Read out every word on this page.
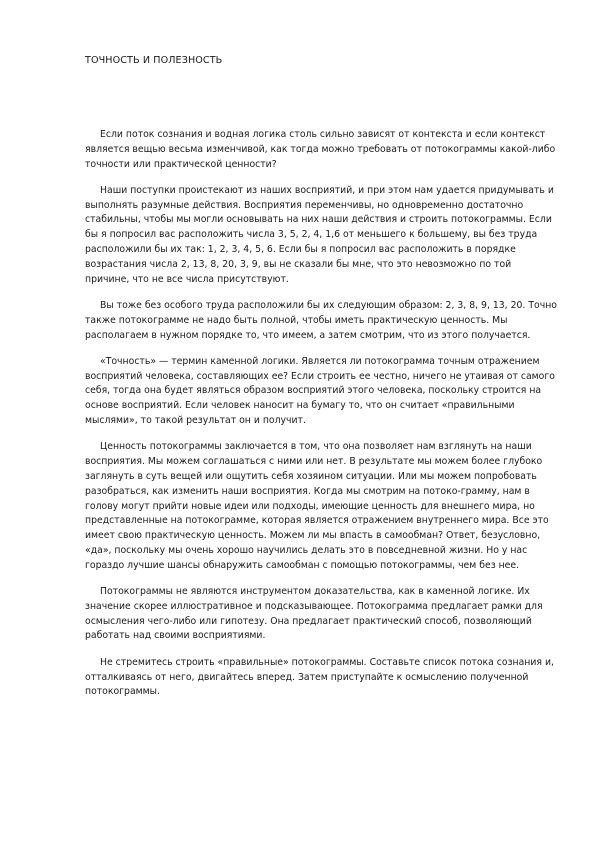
ТОЧНОСТЬ И ПОЛЕЗНОСТЬ

Если поток сознания и водная логика столь сильно зависят от контекста и если контекст является вещью весьма изменчивой, как тогда можно требовать от потокограммы какой-либо точности или практической ценности?

Наши поступки проистекают из наших восприятий, и при этом нам удается придумывать и выполнять разумные действия. Восприятия переменчивы, но одновременно достаточно стабильны, чтобы мы могли основывать на них наши действия и строить потокограммы. Если бы я попросил вас расположить числа 3, 5, 2, 4, 1,6 от меньшего к большему, вы без труда расположили бы их так: 1, 2, 3, 4, 5, 6. Если бы я попросил вас расположить в порядке возрастания числа 2, 13, 8, 20, 3, 9, вы не сказали бы мне, что это невозможно по той причине, что не все числа присутствуют.

Вы тоже без особого труда расположили бы их следующим образом: 2, 3, 8, 9, 13, 20. Точно также потокограмме не надо быть полной, чтобы иметь практическую ценность. Мы располагаем в нужном порядке то, что имеем, а затем смотрим, что из этого получается.

«Точность» — термин каменной логики. Является ли потокограмма точным отражением восприятий человека, составляющих ее? Если строить ее честно, ничего не утаивая от самого себя, тогда она будет являться образом восприятий этого человека, поскольку строится на основе восприятий. Если человек наносит на бумагу то, что он считает «правильными мыслями», то такой результат он и получит.

Ценность потокограммы заключается в том, что она позволяет нам взглянуть на наши восприятия. Мы можем соглашаться с ними или нет. В результате мы можем более глубоко заглянуть в суть вещей или ощутить себя хозяином ситуации. Или мы можем попробовать разобраться, как изменить наши восприятия. Когда мы смотрим на потоко-грамму, нам в голову могут прийти новые идеи или подходы, имеющие ценность для внешнего мира, но представленные на потокограмме, которая является отражением внутреннего мира. Все это имеет свою практическую ценность. Можем ли мы впасть в самообман? Ответ, безусловно, «да», поскольку мы очень хорошо научились делать это в повседневной жизни. Но у нас гораздо лучшие шансы обнаружить самообман с помощью потокограммы, чем без нее.

Потокограммы не являются инструментом доказательства, как в каменной логике. Их значение скорее иллюстративное и подсказывающее. Потокограмма предлагает рамки для осмысления чего-либо или гипотезу. Она предлагает практический способ, позволяющий работать над своими восприятиями.

Не стремитесь строить «правильные» потокограммы. Составьте список потока сознания и, отталкиваясь от него, двигайтесь вперед. Затем приступайте к осмыслению полученной потокограммы.
